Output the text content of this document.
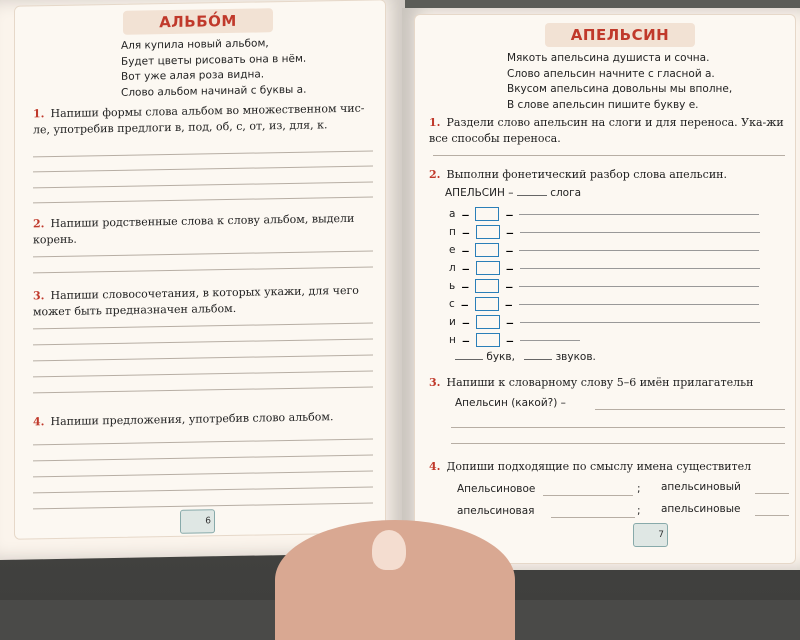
АЛЬБО́М
Аля купила новый альбом,
Будет цветы рисовать она в нём.
Вот уже алая роза видна.
Слово альбом начинай с буквы а.
1. Напиши формы слова альбом во множественном чис-ле, употребив предлоги в, под, об, с, от, из, для, к.
2. Напиши родственные слова к слову альбом, выдели корень.
3. Напиши словосочетания, в которых укажи, для чего может быть предназначен альбом.
4. Напиши предложения, употребив слово альбом.
6
АПЕЛЬСИН
Мякоть апельсина душиста и сочна.
Слово апельсин начните с гласной а.
Вкусом апельсина довольны мы вполне,
В слове апельсин пишите букву е.
1. Раздели слово апельсин на слоги и для переноса. Ука-жи все способы переноса.
2. Выполни фонетический разбор слова апельсин.
АПЕЛЬСИН –	слога
а – –
п – –
е – –
л – –
ь – –
с – –
и – –
н – –
букв,	звуков.
3. Напиши к словарному слову 5–6 имён прилагательн
Апельсин (какой?) –
4. Допиши подходящие по смыслу имена существител
Апельсиновое	; апельсиновый
апельсиновая	; апельсиновые
7
